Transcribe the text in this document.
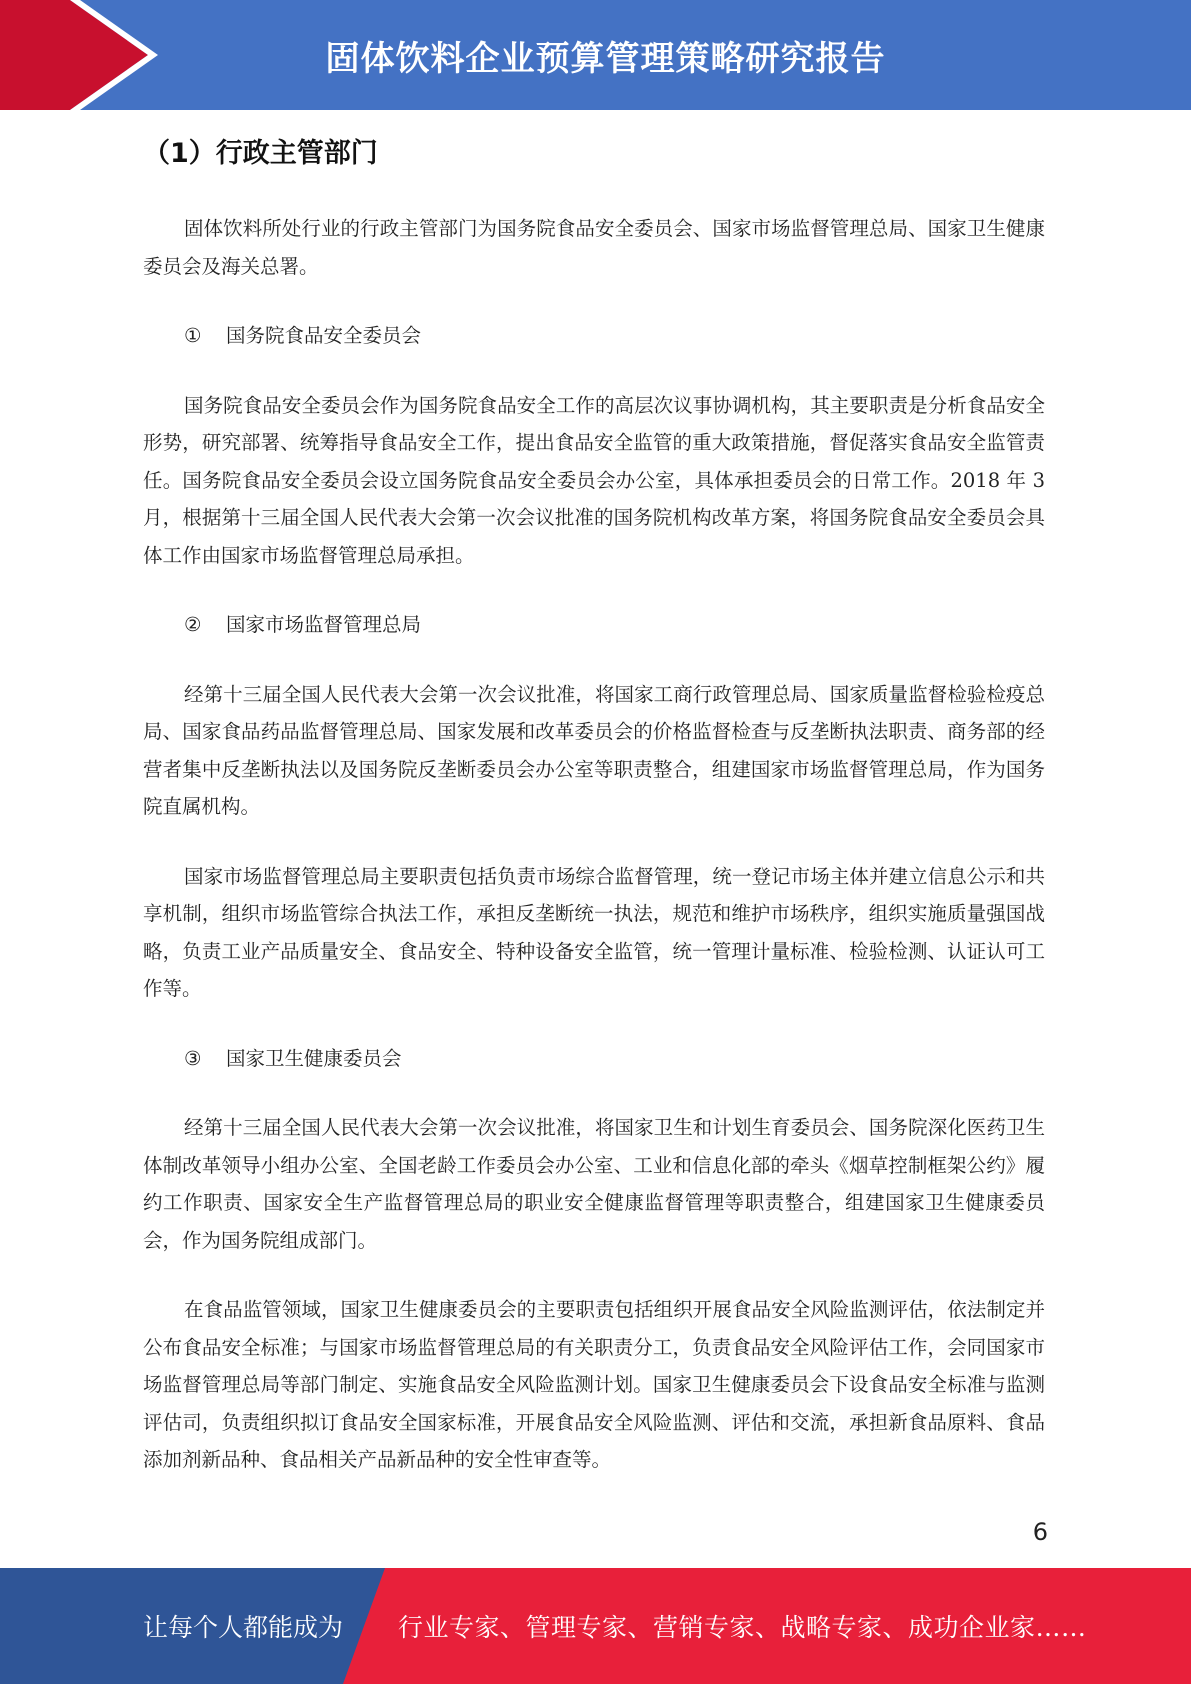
固体饮料企业预算管理策略研究报告
（1）行政主管部门

固体饮料所处行业的行政主管部门为国务院食品安全委员会、国家市场监督管理总局、国家卫生健康委员会及海关总署。

① 国务院食品安全委员会

国务院食品安全委员会作为国务院食品安全工作的高层次议事协调机构，其主要职责是分析食品安全形势，研究部署、统筹指导食品安全工作，提出食品安全监管的重大政策措施，督促落实食品安全监管责任。国务院食品安全委员会设立国务院食品安全委员会办公室，具体承担委员会的日常工作。2018 年 3 月，根据第十三届全国人民代表大会第一次会议批准的国务院机构改革方案，将国务院食品安全委员会具体工作由国家市场监督管理总局承担。

② 国家市场监督管理总局

经第十三届全国人民代表大会第一次会议批准，将国家工商行政管理总局、国家质量监督检验检疫总局、国家食品药品监督管理总局、国家发展和改革委员会的价格监督检查与反垄断执法职责、商务部的经营者集中反垄断执法以及国务院反垄断委员会办公室等职责整合，组建国家市场监督管理总局，作为国务院直属机构。

国家市场监督管理总局主要职责包括负责市场综合监督管理，统一登记市场主体并建立信息公示和共享机制，组织市场监管综合执法工作，承担反垄断统一执法，规范和维护市场秩序，组织实施质量强国战略，负责工业产品质量安全、食品安全、特种设备安全监管，统一管理计量标准、检验检测、认证认可工作等。

③ 国家卫生健康委员会

经第十三届全国人民代表大会第一次会议批准，将国家卫生和计划生育委员会、国务院深化医药卫生体制改革领导小组办公室、全国老龄工作委员会办公室、工业和信息化部的牵头《烟草控制框架公约》履约工作职责、国家安全生产监督管理总局的职业安全健康监督管理等职责整合，组建国家卫生健康委员会，作为国务院组成部门。

在食品监管领域，国家卫生健康委员会的主要职责包括组织开展食品安全风险监测评估，依法制定并公布食品安全标准；与国家市场监督管理总局的有关职责分工，负责食品安全风险评估工作，会同国家市场监督管理总局等部门制定、实施食品安全风险监测计划。国家卫生健康委员会下设食品安全标准与监测评估司，负责组织拟订食品安全国家标准，开展食品安全风险监测、评估和交流，承担新食品原料、食品添加剂新品种、食品相关产品新品种的安全性审查等。

6
让每个人都能成为 行业专家、管理专家、营销专家、战略专家、成功企业家……
